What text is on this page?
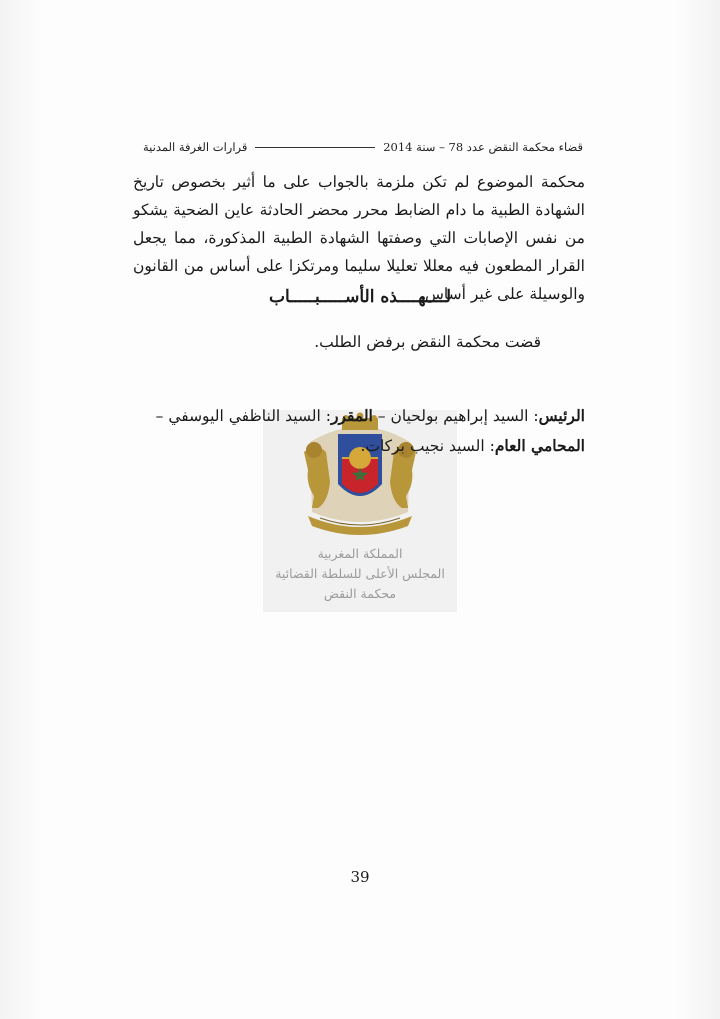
قضاء محكمة النقض عدد 78 – سنة 2014
قرارات الغرفة المدنية
محكمة الموضوع لم تكن ملزمة بالجواب على ما أثير بخصوص تاريخ الشهادة الطبية ما دام الضابط محرر محضر الحادثة عاين الضحية يشكو من نفس الإصابات التي وصفتها الشهادة الطبية المذكورة، مما يجعل القرار المطعون فيه معللا تعليلا سليما ومرتكزا على أساس من القانون والوسيلة على غير أساس.
لــــهــــذه الأســـــبـــــاب
قضت محكمة النقض برفض الطلب.
المملكة المغربية
المجلس الأعلى للسلطة القضائية
محكمة النقض
الرئيس: السيد إبراهيم بولحيان – المقرر: السيد الناظفي اليوسفي –
المحامي العام: السيد نجيب بركات.
39
